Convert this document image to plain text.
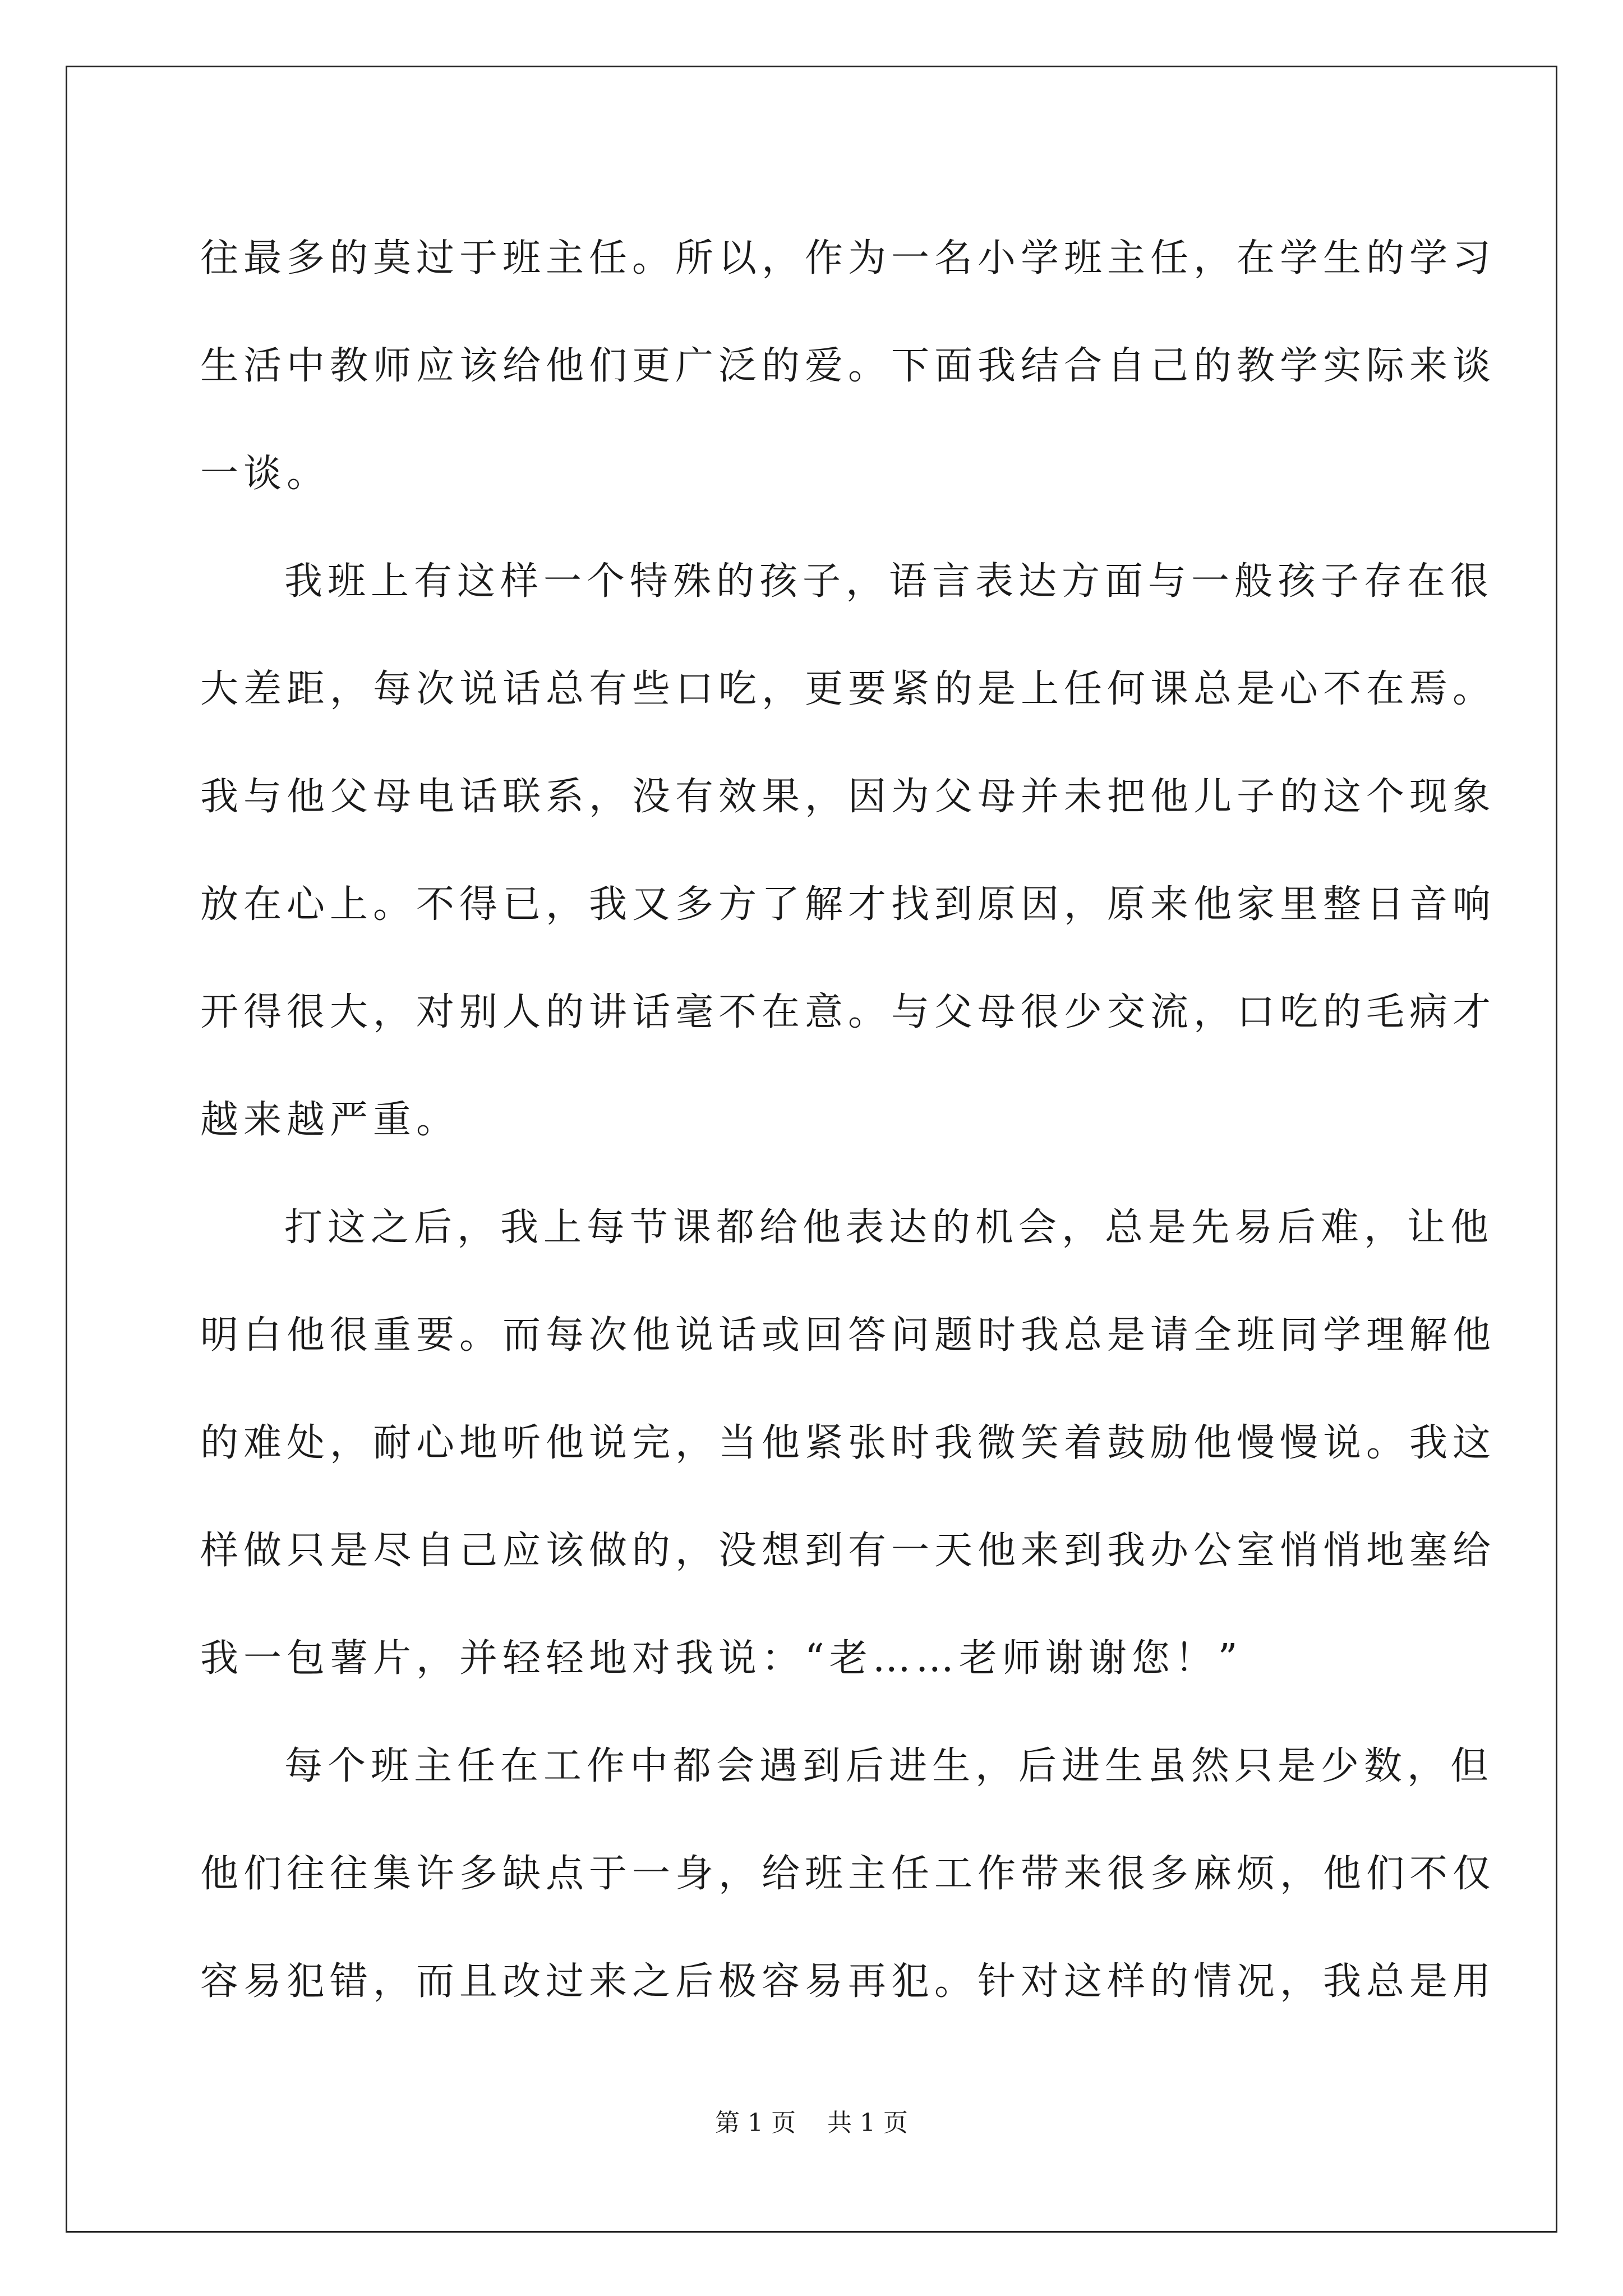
往最多的莫过于班主任。所以，作为一名小学班主任，在学生的学习
生活中教师应该给他们更广泛的爱。下面我结合自己的教学实际来谈
一谈。
我班上有这样一个特殊的孩子，语言表达方面与一般孩子存在很
大差距，每次说话总有些口吃，更要紧的是上任何课总是心不在焉。
我与他父母电话联系，没有效果，因为父母并未把他儿子的这个现象
放在心上。不得已，我又多方了解才找到原因，原来他家里整日音响
开得很大，对别人的讲话毫不在意。与父母很少交流，口吃的毛病才
越来越严重。
打这之后，我上每节课都给他表达的机会，总是先易后难，让他
明白他很重要。而每次他说话或回答问题时我总是请全班同学理解他
的难处，耐心地听他说完，当他紧张时我微笑着鼓励他慢慢说。我这
样做只是尽自己应该做的，没想到有一天他来到我办公室悄悄地塞给
我一包薯片，并轻轻地对我说：“老……老师谢谢您！”
每个班主任在工作中都会遇到后进生，后进生虽然只是少数，但
他们往往集许多缺点于一身，给班主任工作带来很多麻烦，他们不仅
容易犯错，而且改过来之后极容易再犯。针对这样的情况，我总是用
第 1 页    共 1 页
